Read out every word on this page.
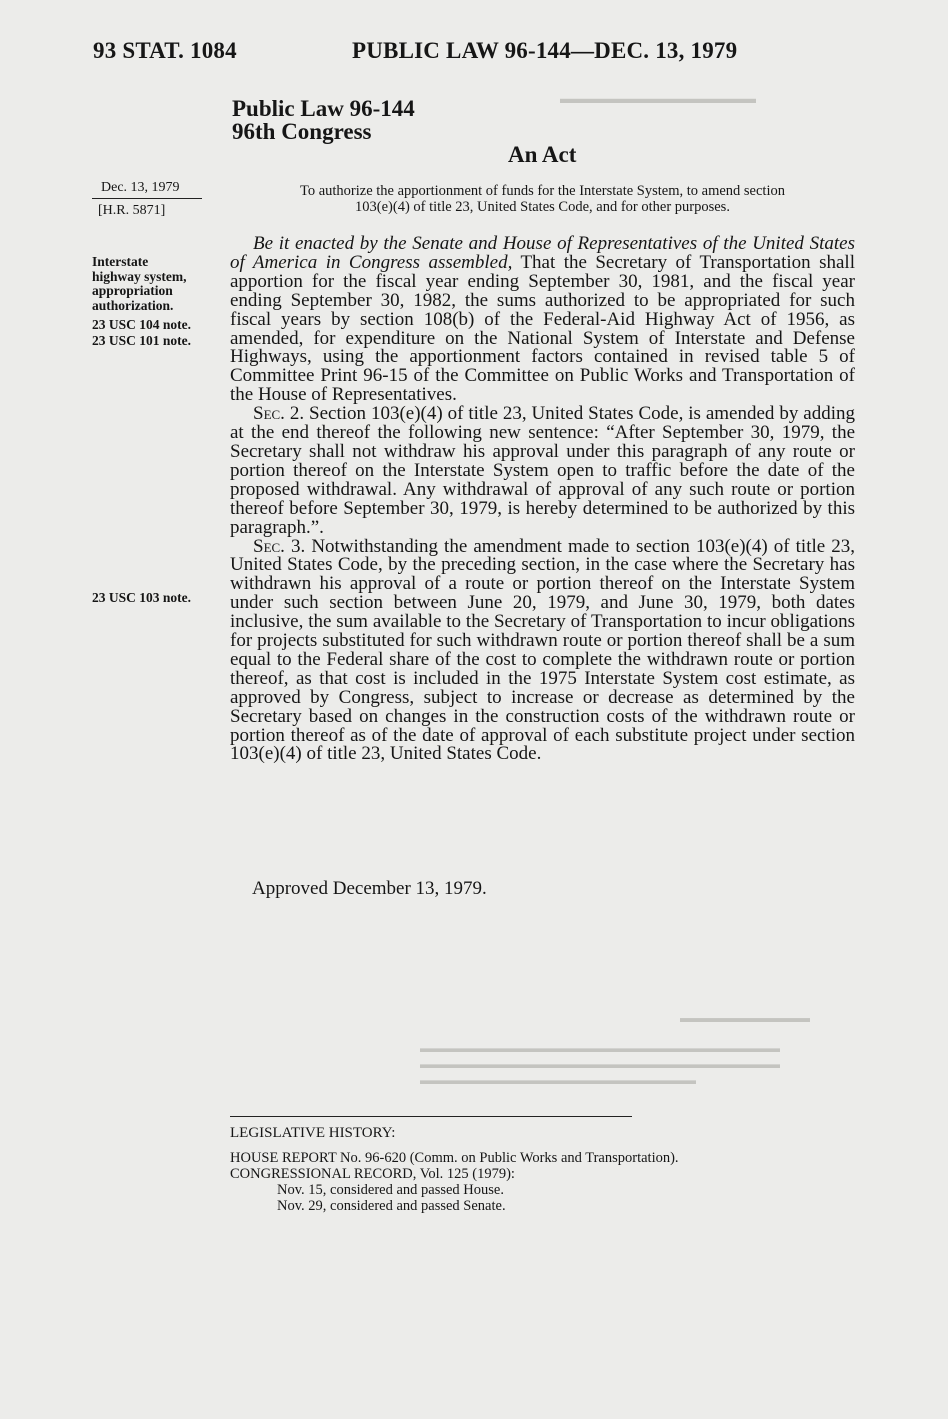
▬▬▬▬▬▬▬▬▬▬▬▬▬▬
▬▬▬▬▬▬▬▬▬▬
▬▬▬▬▬▬▬▬▬▬▬▬▬▬▬▬▬▬▬▬▬▬▬▬▬▬▬▬▬▬
▬▬▬▬▬▬▬▬▬▬▬▬▬▬▬▬▬▬▬▬▬▬▬▬▬▬▬▬▬▬
▬▬▬▬▬▬▬▬▬▬▬▬▬▬▬▬▬▬▬▬▬▬▬
93 STAT. 1084	PUBLIC LAW 96-144—DEC. 13, 1979
Public Law 96-144
96th Congress
An Act
Dec. 13, 1979
[H.R. 5871]
To authorize the apportionment of funds for the Interstate System, to amend section
103(e)(4) of title 23, United States Code, and for other purposes.
Interstate
highway system,
appropriation
authorization.
23 USC 104 note.
23 USC 101 note.
23 USC 103 note.

Be it enacted by the Senate and House of Representatives of the United States of America in Congress assembled, That the Secretary of Transportation shall apportion for the fiscal year ending September 30, 1981, and the fiscal year ending September 30, 1982, the sums authorized to be appropriated for such fiscal years by section 108(b) of the Federal-Aid Highway Act of 1956, as amended, for expenditure on the National System of Interstate and Defense Highways, using the apportionment factors contained in revised table 5 of Committee Print 96-15 of the Committee on Public Works and Transportation of the House of Representatives.

Sec. 2. Section 103(e)(4) of title 23, United States Code, is amended by adding at the end thereof the following new sentence: “After September 30, 1979, the Secretary shall not withdraw his approval under this paragraph of any route or portion thereof on the Interstate System open to traffic before the date of the proposed withdrawal. Any withdrawal of approval of any such route or portion thereof before September 30, 1979, is hereby determined to be authorized by this paragraph.”.

Sec. 3. Notwithstanding the amendment made to section 103(e)(4) of title 23, United States Code, by the preceding section, in the case where the Secretary has withdrawn his approval of a route or portion thereof on the Interstate System under such section between June 20, 1979, and June 30, 1979, both dates inclusive, the sum available to the Secretary of Transportation to incur obligations for projects substituted for such withdrawn route or portion thereof shall be a sum equal to the Federal share of the cost to complete the withdrawn route or portion thereof, as that cost is included in the 1975 Interstate System cost estimate, as approved by Congress, subject to increase or decrease as determined by the Secretary based on changes in the construction costs of the withdrawn route or portion thereof as of the date of approval of each substitute project under section 103(e)(4) of title 23, United States Code.

Approved December 13, 1979.
LEGISLATIVE HISTORY:
HOUSE REPORT No. 96-620 (Comm. on Public Works and Transportation).
CONGRESSIONAL RECORD, Vol. 125 (1979):
Nov. 15, considered and passed House.
Nov. 29, considered and passed Senate.
